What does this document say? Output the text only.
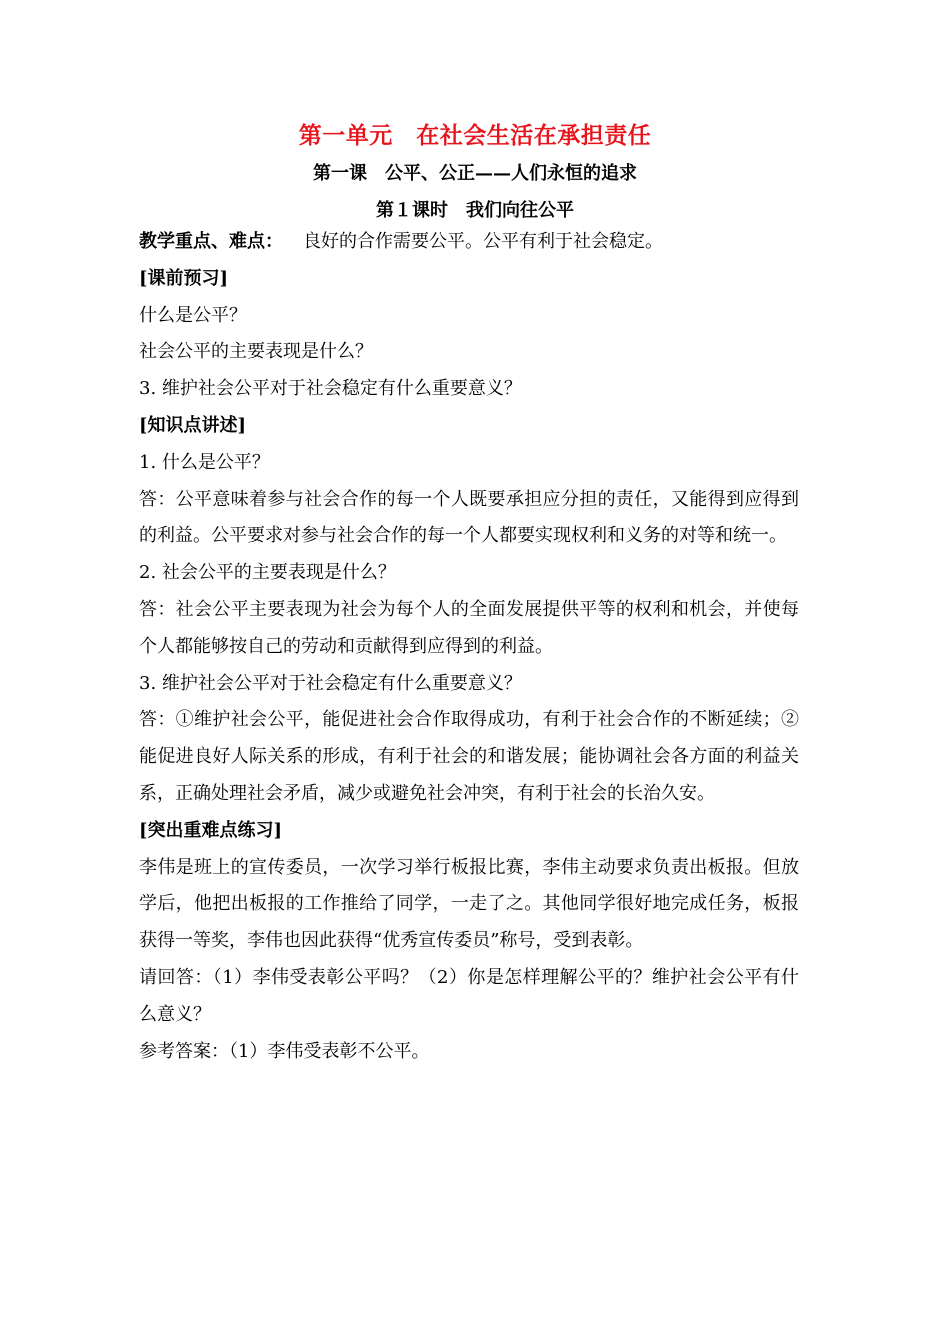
第一单元　在社会生活在承担责任
第一课　公平、公正——人们永恒的追求
第１课时　我们向往公平
教学重点、难点： 良好的合作需要公平。公平有利于社会稳定。
[课前预习]
什么是公平？
社会公平的主要表现是什么？
3. 维护社会公平对于社会稳定有什么重要意义？
[知识点讲述]
1. 什么是公平？
答：公平意味着参与社会合作的每一个人既要承担应分担的责任，又能得到应得到的利益。公平要求对参与社会合作的每一个人都要实现权利和义务的对等和统一。
2. 社会公平的主要表现是什么？
答：社会公平主要表现为社会为每个人的全面发展提供平等的权利和机会，并使每个人都能够按自己的劳动和贡献得到应得到的利益。
3. 维护社会公平对于社会稳定有什么重要意义？
答：①维护社会公平，能促进社会合作取得成功，有利于社会合作的不断延续；②能促进良好人际关系的形成，有利于社会的和谐发展；能协调社会各方面的利益关系，正确处理社会矛盾，减少或避免社会冲突，有利于社会的长治久安。
[突出重难点练习]
李伟是班上的宣传委员，一次学习举行板报比赛，李伟主动要求负责出板报。但放学后，他把出板报的工作推给了同学，一走了之。其他同学很好地完成任务，板报获得一等奖，李伟也因此获得“优秀宣传委员”称号，受到表彰。
请回答：（1）李伟受表彰公平吗？（2）你是怎样理解公平的？维护社会公平有什么意义？
参考答案：（1）李伟受表彰不公平。
